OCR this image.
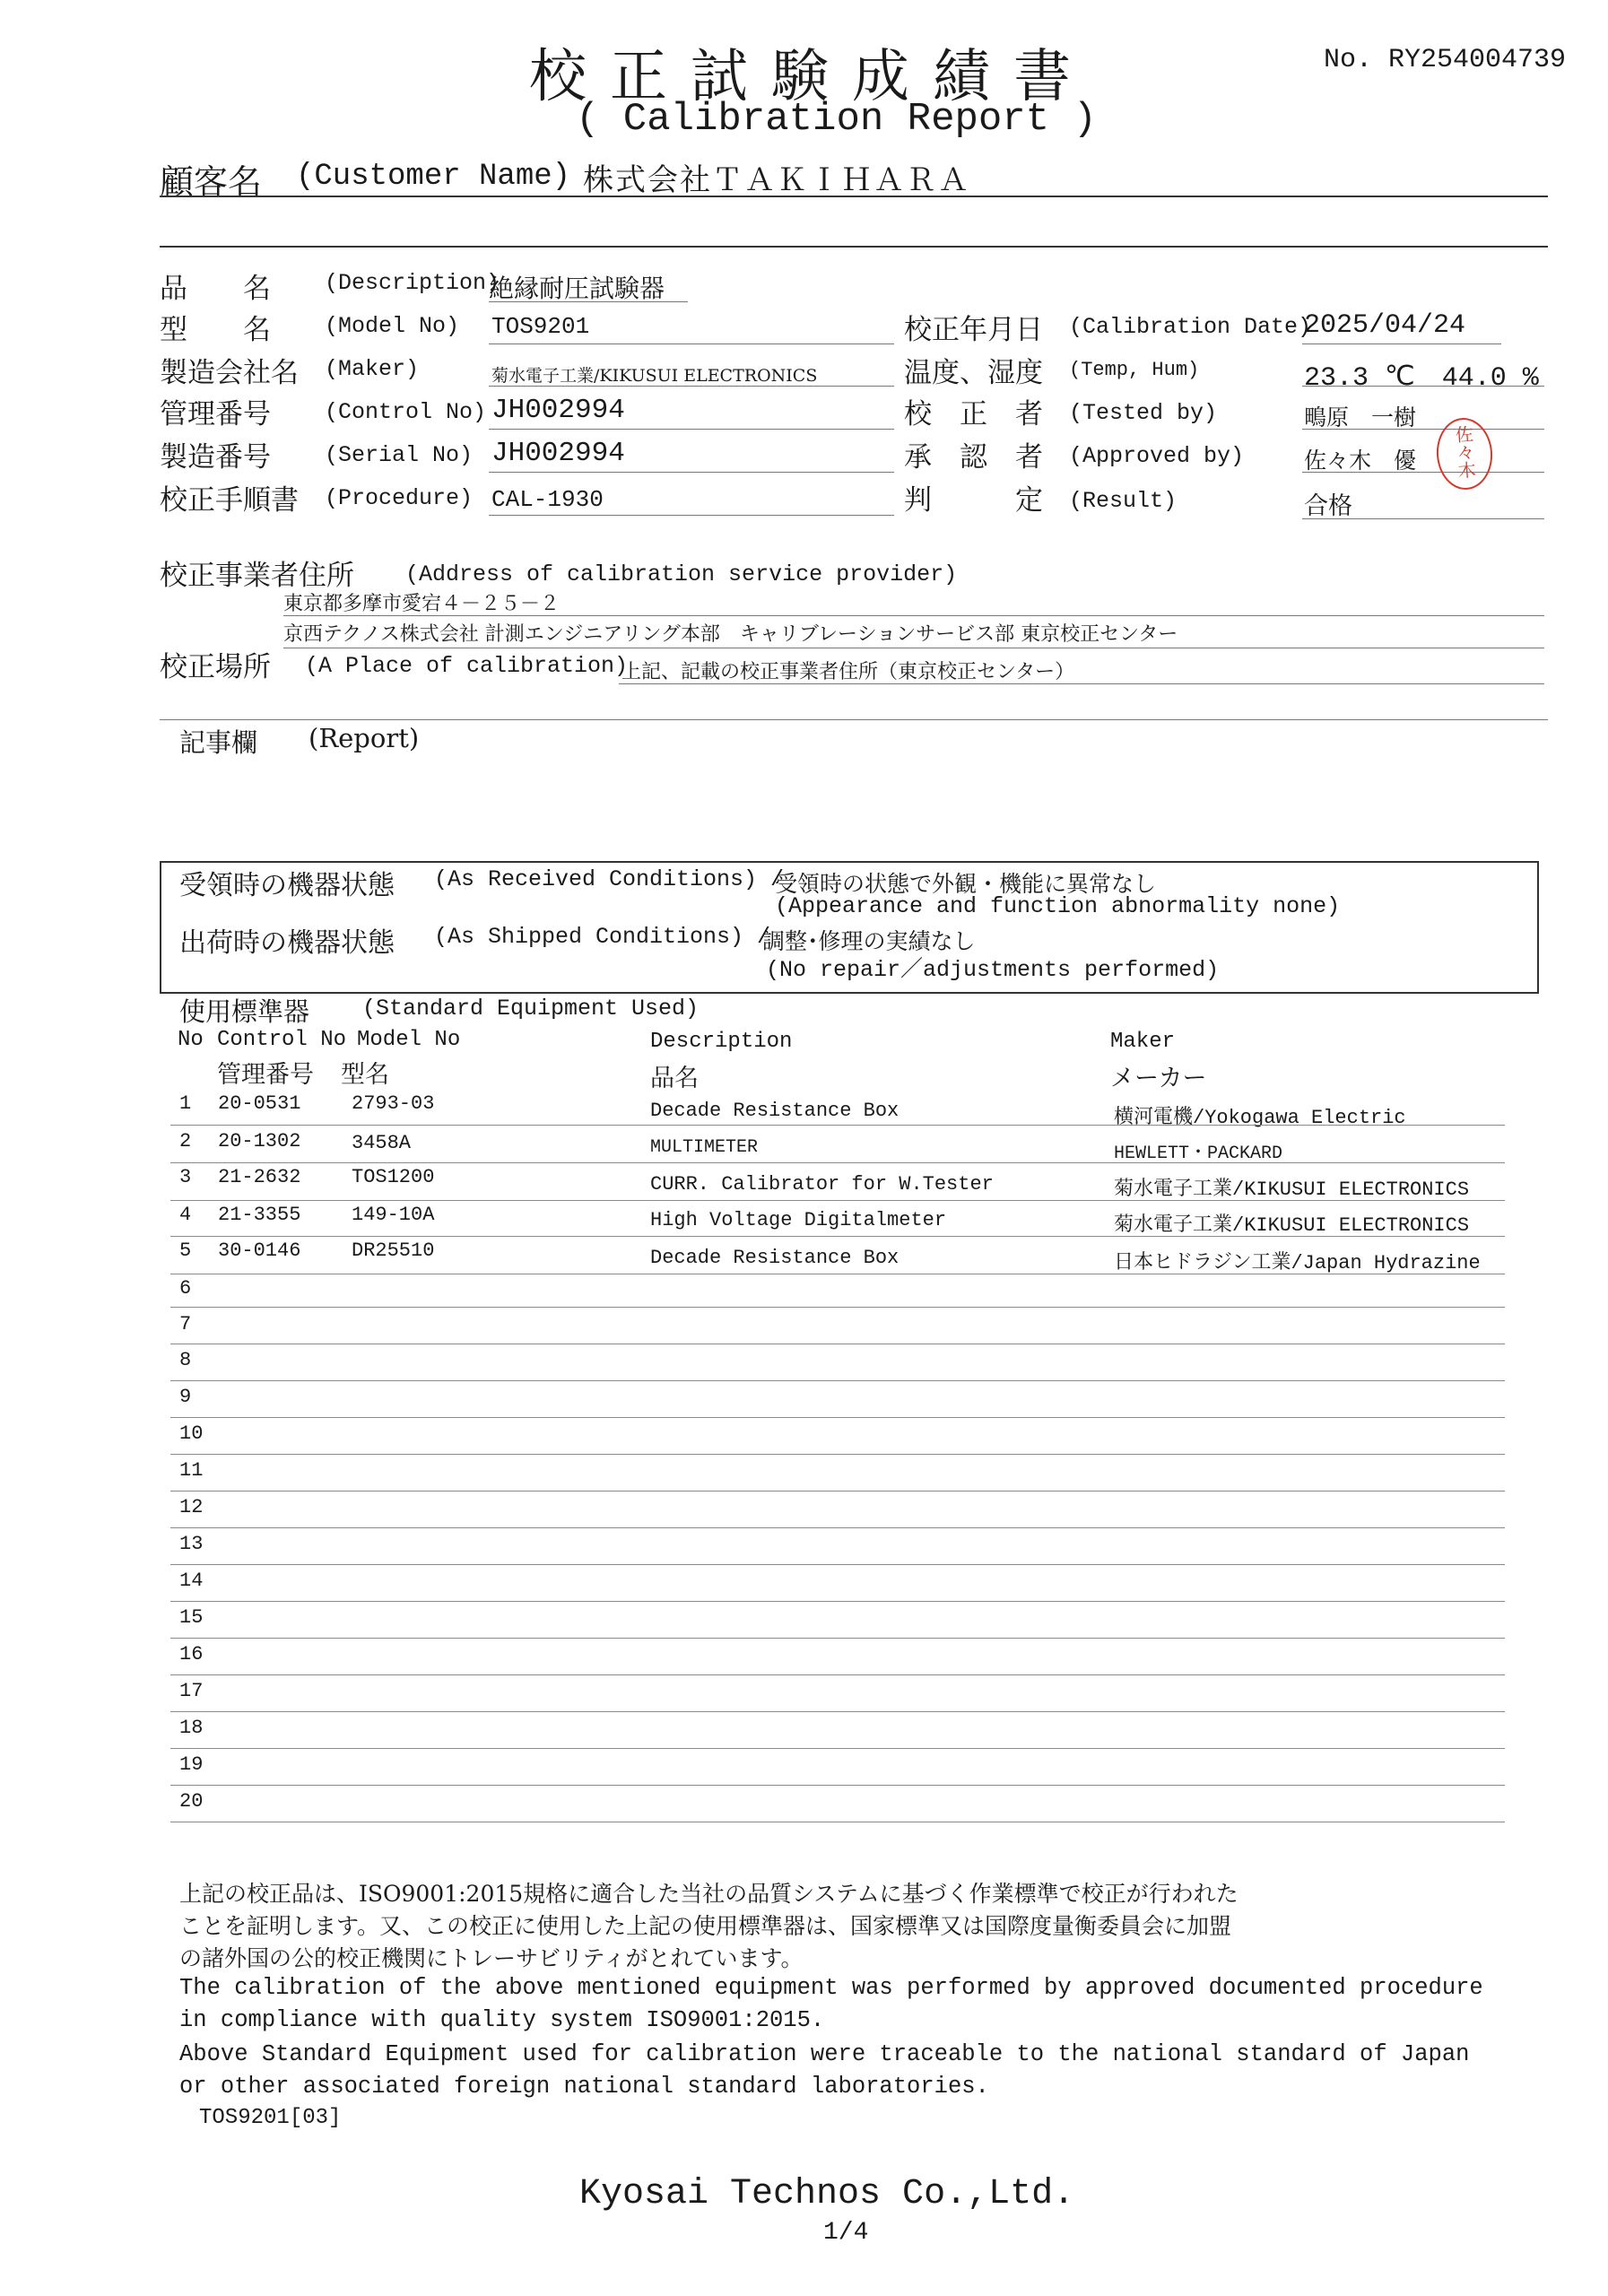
校正試験成績書
( Calibration Report )
No. RY254004739
顧客名 (Customer Name) 株式会社ＴＡＫＩＨＡＲＡ
品　　名 (Description)
絶縁耐圧試験器
型　　名 (Model No) TOS9201
製造会社名 (Maker)	菊水電子工業/KIKUSUI ELECTRONICS
管理番号 (Control No) JH002994
製造番号 (Serial No) JH002994
校正手順書 (Procedure) CAL-1930
校正年月日 (Calibration Date)
2025/04/24
温度、湿度 (Temp, Hum)	23.3 ℃　44.0 %
校　正　者 (Tested by)	鴫原　一樹
承　認　者 (Approved by)	佐々木　優	佐々木
判　　　定 (Result)	合格
校正事業者住所 (Address of calibration service provider)
東京都多摩市愛宕４－２５－２
京西テクノス株式会社 計測エンジニアリング本部　キャリブレーションサービス部 東京校正センター
校正場所 (A Place of calibration)
上記、記載の校正事業者住所（東京校正センター）
記事欄 (Report)
受領時の機器状態 (As Received Conditions) /
受領時の状態で外観・機能に異常なし
(Appearance and function abnormality none)
出荷時の機器状態 (As Shipped Conditions) /
調整･修理の実績なし
(No repair／adjustments performed)
使用標準器 (Standard Equipment Used)
No Control No Model No
管理番号 型名
Description
品名
Maker
メーカー
1 20-0531	2793-03	Decade Resistance Box	横河電機/Yokogawa Electric
2 20-1302	3458A	MULTIMETER	HEWLETT・PACKARD
3 21-2632	TOS1200	CURR. Calibrator for W.Tester	菊水電子工業/KIKUSUI ELECTRONICS
4 21-3355	149-10A	High Voltage Digitalmeter	菊水電子工業/KIKUSUI ELECTRONICS
5 30-0146	DR25510	Decade Resistance Box	日本ヒドラジン工業/Japan Hydrazine
6
7
8
9
10
11
12
13
14
15
16
17
18
19
20
上記の校正品は、ISO9001:2015規格に適合した当社の品質システムに基づく作業標準で校正が行われた
ことを証明します。又、この校正に使用した上記の使用標準器は、国家標準又は国際度量衡委員会に加盟
の諸外国の公的校正機関にトレーサビリティがとれています。
The calibration of the above mentioned equipment was performed by approved documented procedure
in compliance with quality system ISO9001:2015.
Above Standard Equipment used for calibration were traceable to the national standard of Japan
or other associated foreign national standard laboratories.
TOS9201[03]
Kyosai Technos Co.,Ltd.
1/4
